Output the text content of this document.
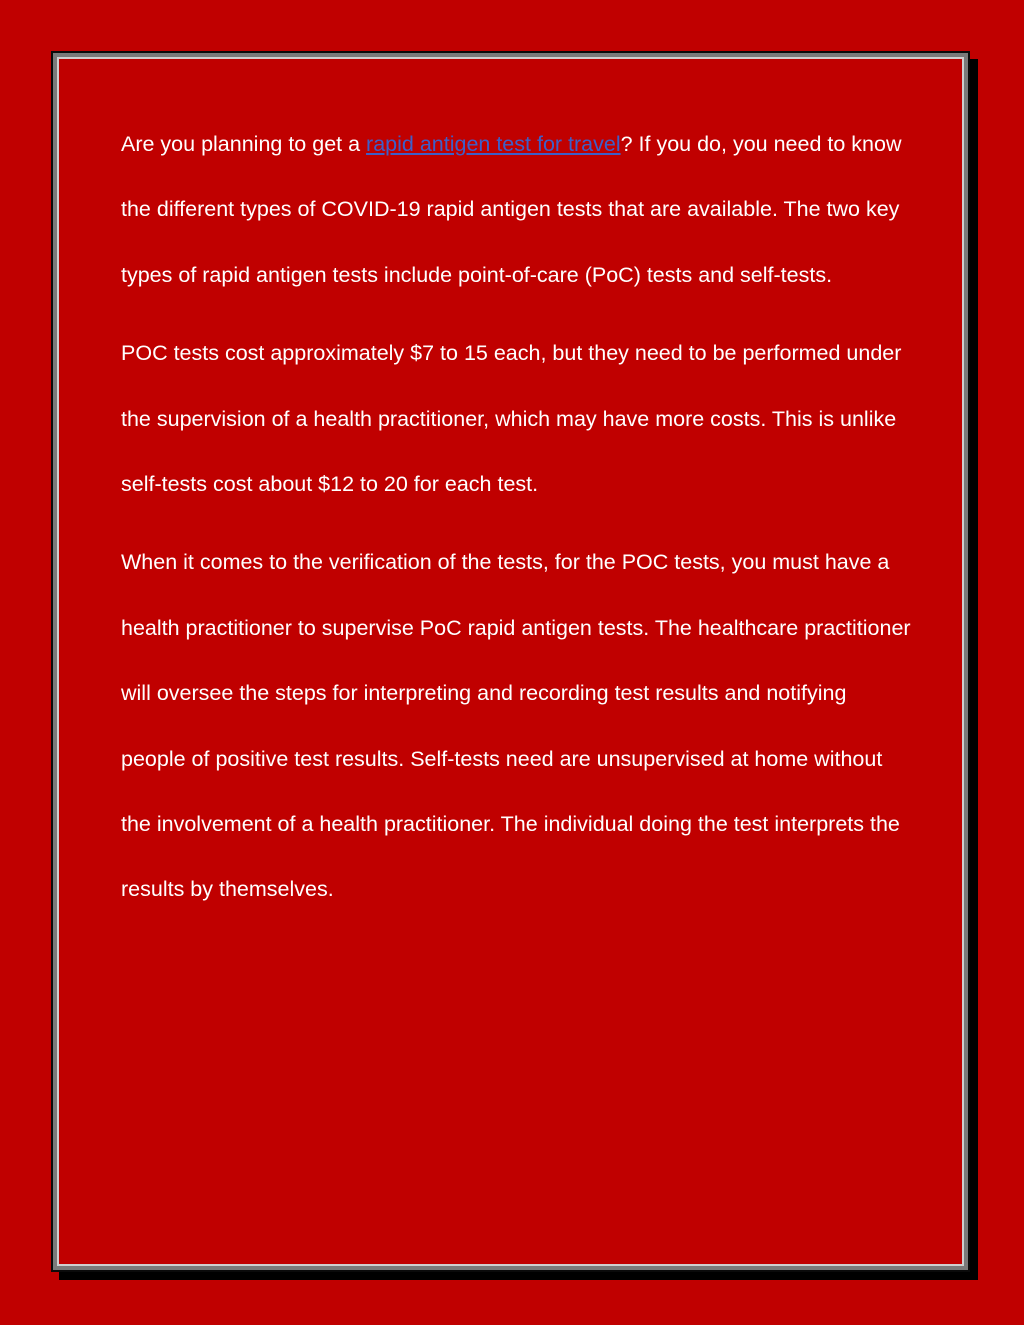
Are you planning to get a rapid antigen test for travel? If you do, you need to know the different types of COVID-19 rapid antigen tests that are available. The two key types of rapid antigen tests include point-of-care (PoC) tests and self-tests.

POC tests cost approximately $7 to 15 each, but they need to be performed under the supervision of a health practitioner, which may have more costs. This is unlike self-tests cost about $12 to 20 for each test.

When it comes to the verification of the tests, for the POC tests, you must have a health practitioner to supervise PoC rapid antigen tests. The healthcare practitioner will oversee the steps for interpreting and recording test results and notifying people of positive test results. Self-tests need are unsupervised at home without the involvement of a health practitioner. The individual doing the test interprets the results by themselves.
